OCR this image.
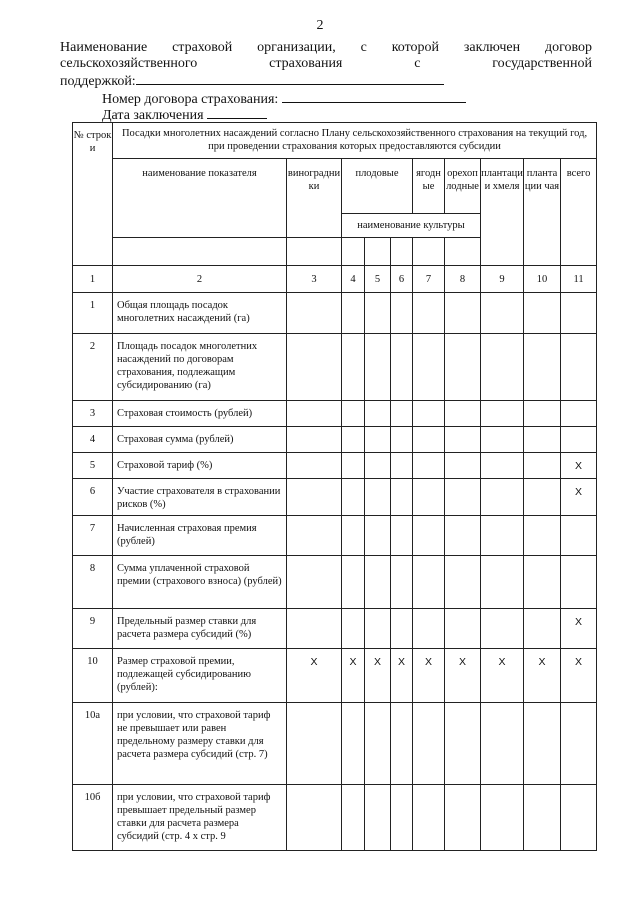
2
Наименование страховой организации, с которой заключен договор
сельскохозяйственного страхования с государственной
поддержкой:
Номер договора страхования:
Дата заключения
№ строки	Посадки многолетних насаждений согласно Плану сельскохозяйственного страхования на текущий год, при проведении страхования которых предоставляются субсидии									
	наименование показателя	виноградники	плодовые			ягодные	орехоплодные	плантации хмеля	плантации чая	всего
			наименование культуры							

1	2	3	4	5	6	7	8	9	10	11
1	Общая площадь посадок многолетних насаждений (га)									
2	Площадь посадок многолетних насаждений по договорам страхования, подлежащим субсидированию (га)									
3	Страховая стоимость (рублей)									
4	Страховая сумма (рублей)									
5	Страховой тариф (%)									X
6	Участие страхователя в страховании рисков (%)									X
7	Начисленная страховая премия (рублей)									
8	Сумма уплаченной страховой премии (страхового взноса) (рублей)									
9	Предельный размер ставки для расчета размера субсидий (%)									X
10	Размер страховой премии, подлежащей субсидированию (рублей):	X	X	X	X	X	X	X	X	X
10а	при условии, что страховой тариф не превышает или равен предельному размеру ставки для расчета размера субсидий (стр. 7)									
10б	при условии, что страховой тариф превышает предельный размер ставки для расчета размера субсидий (стр. 4 х стр. 9									
